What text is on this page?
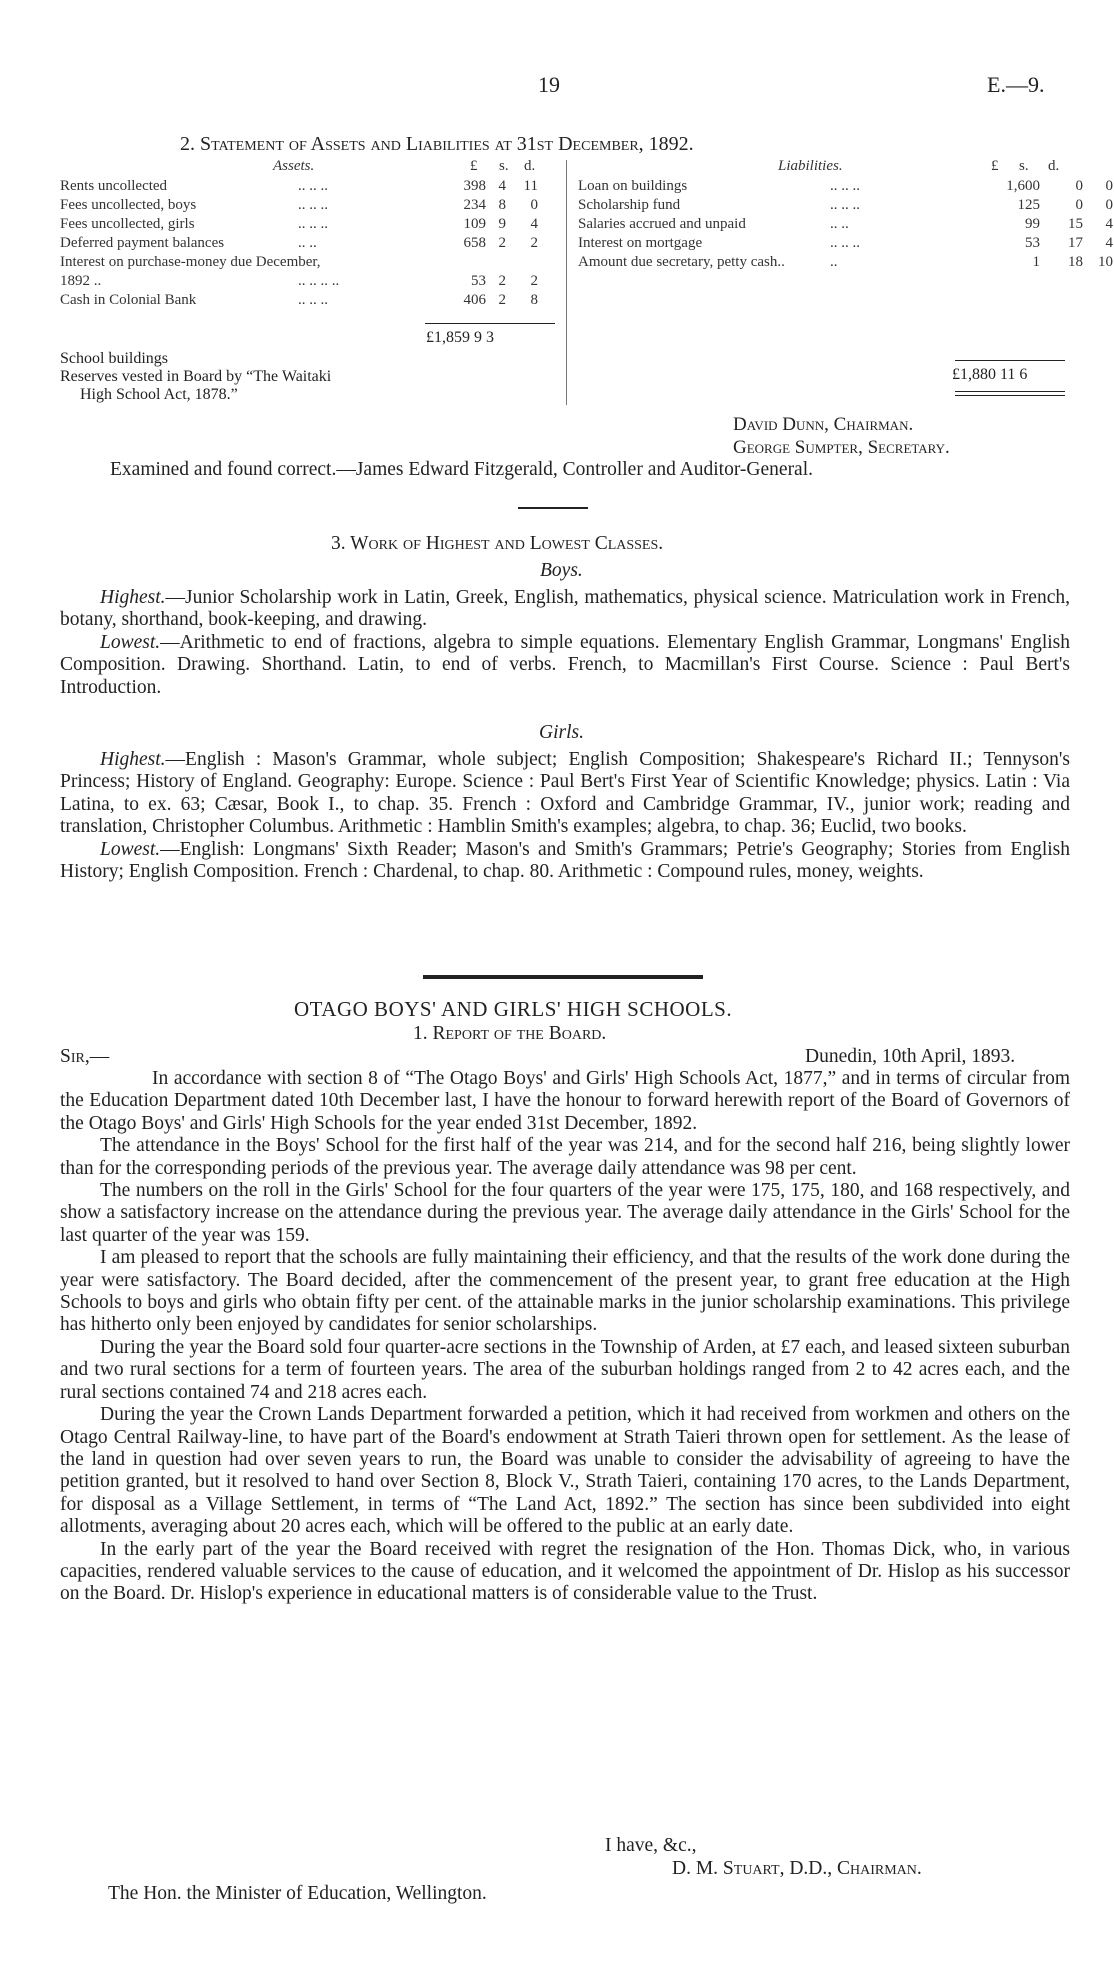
19	E.—9.
2. Statement of Assets and Liabilities at 31st December, 1892.
Assets.	£ s. d.	Liabilities.	£ s. d.
Rents uncollected	.. .. ..	398 4 11
Fees uncollected, boys	.. .. ..	234 8	0
Fees uncollected, girls	.. .. ..	109 9	4
Deferred payment balances	.. ..	658 2	2
Interest on purchase-money due December,
1892 ..	.. .. .. ..	53 2	2
Cash in Colonial Bank	.. .. ..	406 2	8
Loan on buildings	.. .. ..	1,600	0	0
Scholarship fund	.. .. ..	125	0	0
Salaries accrued and unpaid	.. ..	99	15	4
Interest on mortgage	.. .. ..	53	17	4
Amount due secretary, petty cash..	..	1	18	10
£1,859 9 3
School buildings
Reserves vested in Board by “The Waitaki
High School Act, 1878.”
£1,880 11 6
David Dunn, Chairman.
George Sumpter, Secretary.
Examined and found correct.—James Edward Fitzgerald, Controller and Auditor-General.
3. Work of Highest and Lowest Classes.
Boys.

Highest.—Junior Scholarship work in Latin, Greek, English, mathematics, physical science. Matriculation work in French, botany, shorthand, book-keeping, and drawing.

Lowest.—Arithmetic to end of fractions, algebra to simple equations. Elementary English Grammar, Longmans' English Composition. Drawing. Shorthand. Latin, to end of verbs. French, to Macmillan's First Course. Science : Paul Bert's Introduction.

Girls.

Highest.—English : Mason's Grammar, whole subject; English Composition; Shakespeare's Richard II.; Tennyson's Princess; History of England. Geography: Europe. Science : Paul Bert's First Year of Scientific Knowledge; physics. Latin : Via Latina, to ex. 63; Cæsar, Book I., to chap. 35. French : Oxford and Cambridge Grammar, IV., junior work; reading and translation, Christopher Columbus. Arithmetic : Hamblin Smith's examples; algebra, to chap. 36; Euclid, two books.

Lowest.—English: Longmans' Sixth Reader; Mason's and Smith's Grammars; Petrie's Geography; Stories from English History; English Composition. French : Chardenal, to chap. 80. Arithmetic : Compound rules, money, weights.

OTAGO BOYS' AND GIRLS' HIGH SCHOOLS.
1. Report of the Board.
Sir,—	Dunedin, 10th April, 1893.

In accordance with section 8 of “The Otago Boys' and Girls' High Schools Act, 1877,” and in terms of circular from the Education Department dated 10th December last, I have the honour to forward herewith report of the Board of Governors of the Otago Boys' and Girls' High Schools for the year ended 31st December, 1892.

The attendance in the Boys' School for the first half of the year was 214, and for the second half 216, being slightly lower than for the corresponding periods of the previous year. The average daily attendance was 98 per cent.

The numbers on the roll in the Girls' School for the four quarters of the year were 175, 175, 180, and 168 respectively, and show a satisfactory increase on the attendance during the previous year. The average daily attendance in the Girls' School for the last quarter of the year was 159.

I am pleased to report that the schools are fully maintaining their efficiency, and that the results of the work done during the year were satisfactory. The Board decided, after the commencement of the present year, to grant free education at the High Schools to boys and girls who obtain fifty per cent. of the attainable marks in the junior scholarship examinations. This privilege has hitherto only been enjoyed by candidates for senior scholarships.

During the year the Board sold four quarter-acre sections in the Township of Arden, at £7 each, and leased sixteen suburban and two rural sections for a term of fourteen years. The area of the suburban holdings ranged from 2 to 42 acres each, and the rural sections contained 74 and 218 acres each.

During the year the Crown Lands Department forwarded a petition, which it had received from workmen and others on the Otago Central Railway-line, to have part of the Board's endowment at Strath Taieri thrown open for settlement. As the lease of the land in question had over seven years to run, the Board was unable to consider the advisability of agreeing to have the petition granted, but it resolved to hand over Section 8, Block V., Strath Taieri, containing 170 acres, to the Lands Department, for disposal as a Village Settlement, in terms of “The Land Act, 1892.” The section has since been subdivided into eight allotments, averaging about 20 acres each, which will be offered to the public at an early date.

In the early part of the year the Board received with regret the resignation of the Hon. Thomas Dick, who, in various capacities, rendered valuable services to the cause of education, and it welcomed the appointment of Dr. Hislop as his successor on the Board. Dr. Hislop's experience in educational matters is of considerable value to the Trust.

I have, &c.,
D. M. Stuart, D.D., Chairman.
The Hon. the Minister of Education, Wellington.
